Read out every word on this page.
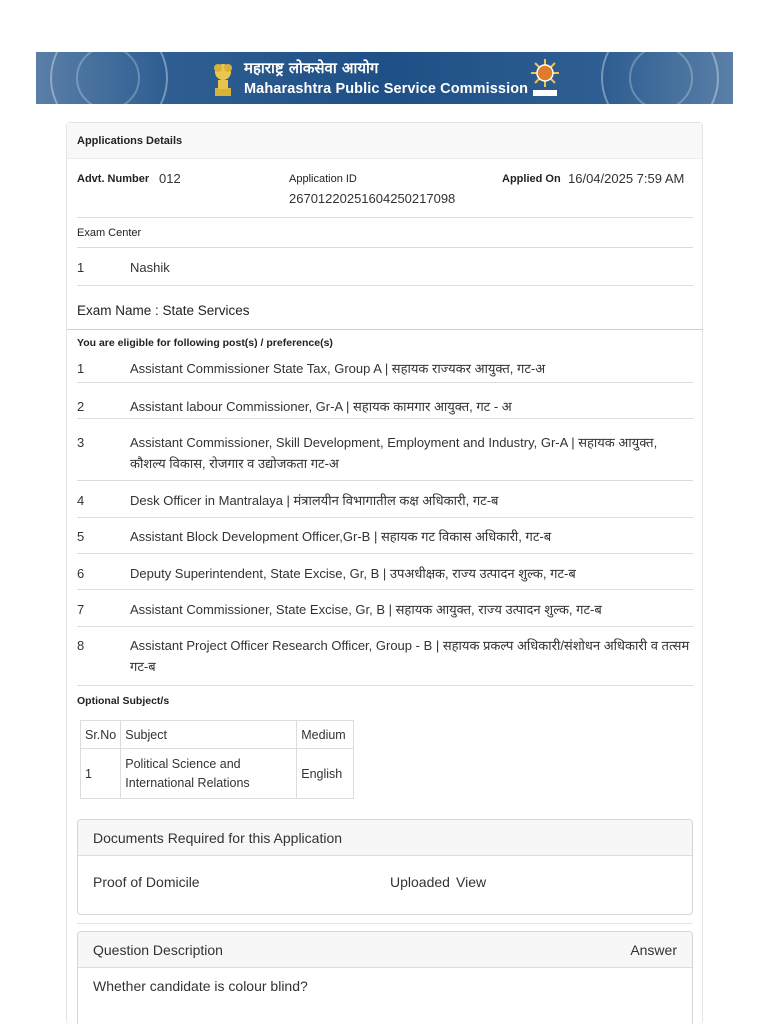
महाराष्ट्र लोकसेवा आयोग
Maharashtra Public Service Commission
Applications Details
Advt. Number 012	Application ID
267012202516042502170​98
Applied On 16/04/2025 7:59 AM
Exam Center
1	Nashik
Exam Name : State Services
You are eligible for following post(s) / preference(s)
1	Assistant Commissioner State Tax, Group A | सहायक राज्यकर आयुक्त, गट-अ
2	Assistant labour Commissioner, Gr-A | सहायक कामगार आयुक्त, गट - अ
3	Assistant Commissioner, Skill Development, Employment and Industry, Gr-A | सहायक आयुक्त, कौशल्य विकास, रोजगार व उद्योजकता गट-अ
4	Desk Officer in Mantralaya | मंत्रालयीन विभागातील कक्ष अधिकारी, गट-ब
5	Assistant Block Development Officer,Gr-B | सहायक गट विकास अधिकारी, गट-ब
6	Deputy Superintendent, State Excise, Gr, B | उपअधीक्षक, राज्य उत्पादन शुल्क, गट-ब
7	Assistant Commissioner, State Excise, Gr, B | सहायक आयुक्त, राज्य उत्पादन शुल्क, गट-ब
8	Assistant Project Officer Research Officer, Group - B | सहायक प्रकल्प अधिकारी/संशोधन अधिकारी व तत्सम गट-ब
Optional Subject/s
Sr.No	Subject	Medium
1	Political Science and International Relations	English
Documents Required for this Application
Proof of Domicile	Uploaded View
Question Description	Answer
Whether candidate is colour blind?
